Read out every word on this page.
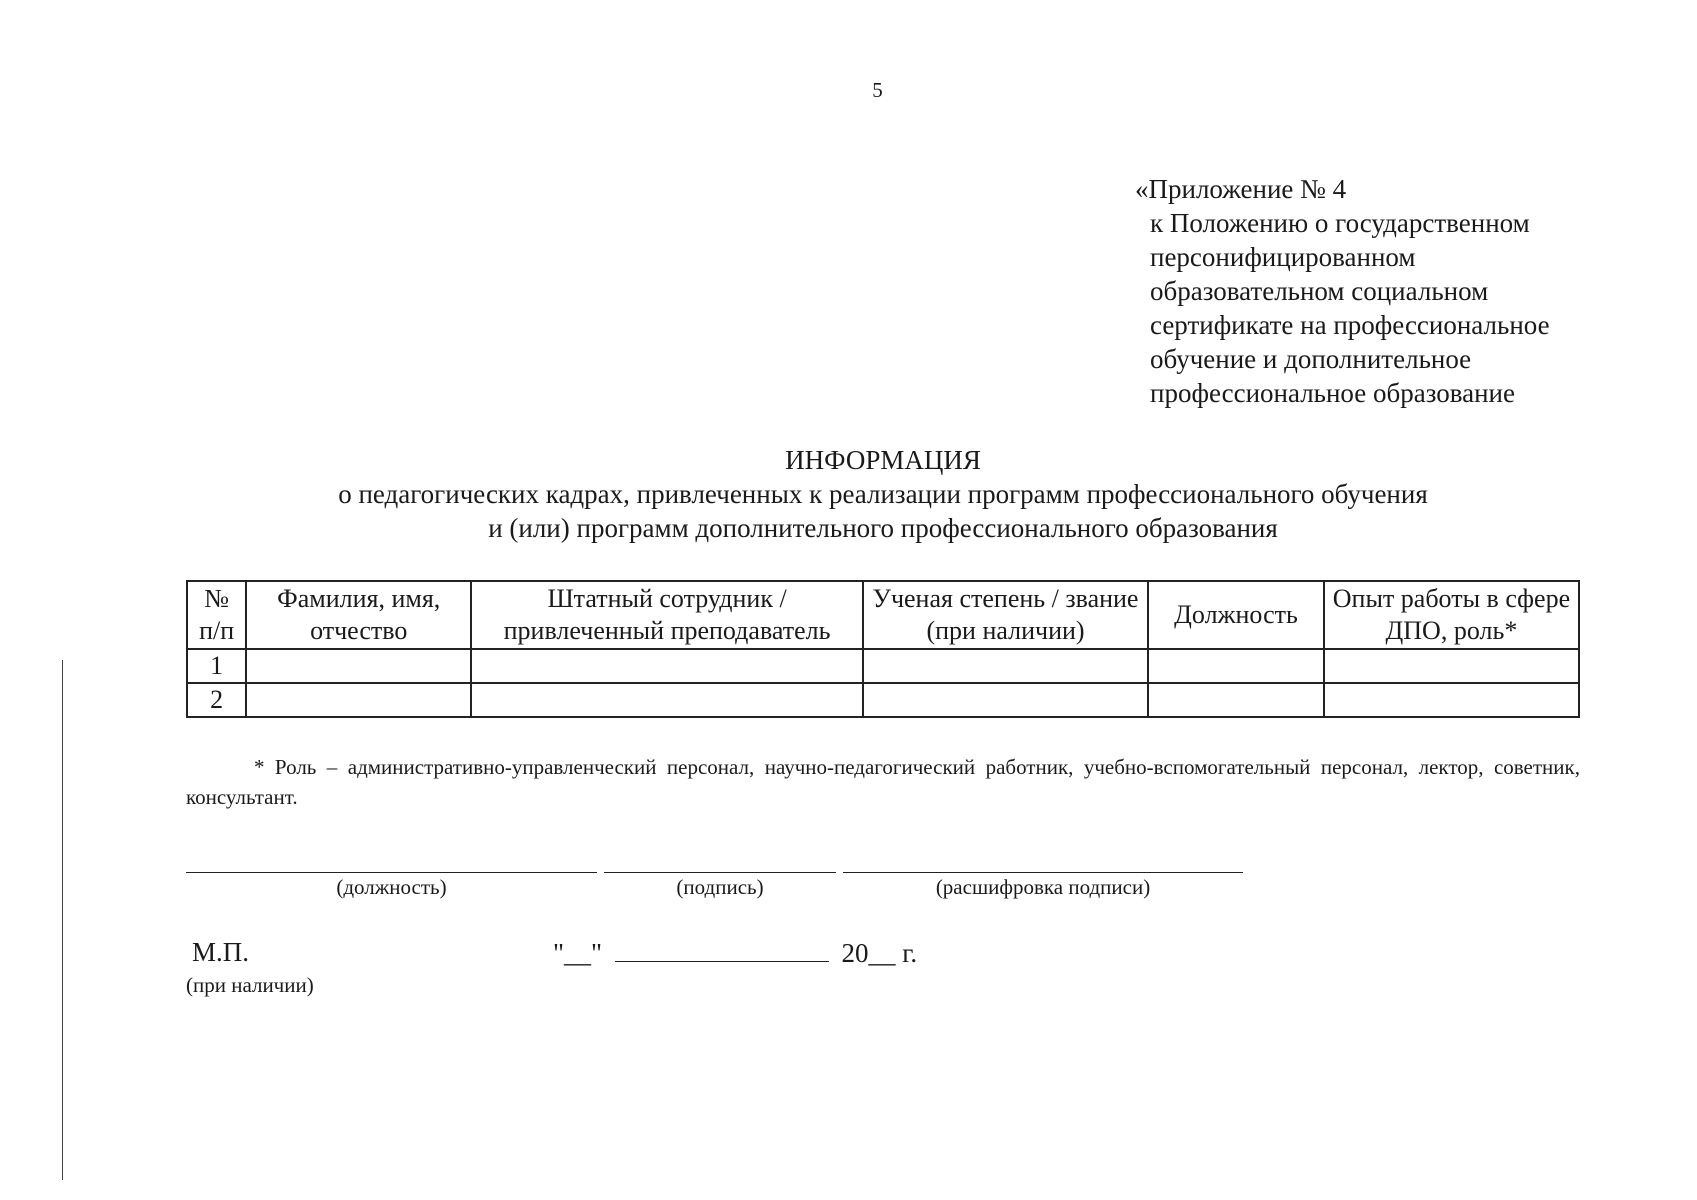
5
«Приложение № 4
к Положению о государственном
персонифицированном
образовательном социальном
сертификате на профессиональное
обучение и дополнительное
профессиональное образование
ИНФОРМАЦИЯ
о педагогических кадрах, привлеченных к реализации программ профессионального обучения
и (или) программ дополнительного профессионального образования
№ п/п	Фамилия, имя, отчество	Штатный сотрудник / привлеченный преподаватель	Ученая степень / звание (при наличии)	Должность	Опыт работы в сфере ДПО, роль*
1					
2					
* Роль – административно-управленческий персонал, научно-педагогический работник, учебно-вспомогательный персонал, лектор, советник, консультант.
(должность)	(подпись)	(расшифровка подписи)
М.П.
(при наличии)
"__"	20__ г.
